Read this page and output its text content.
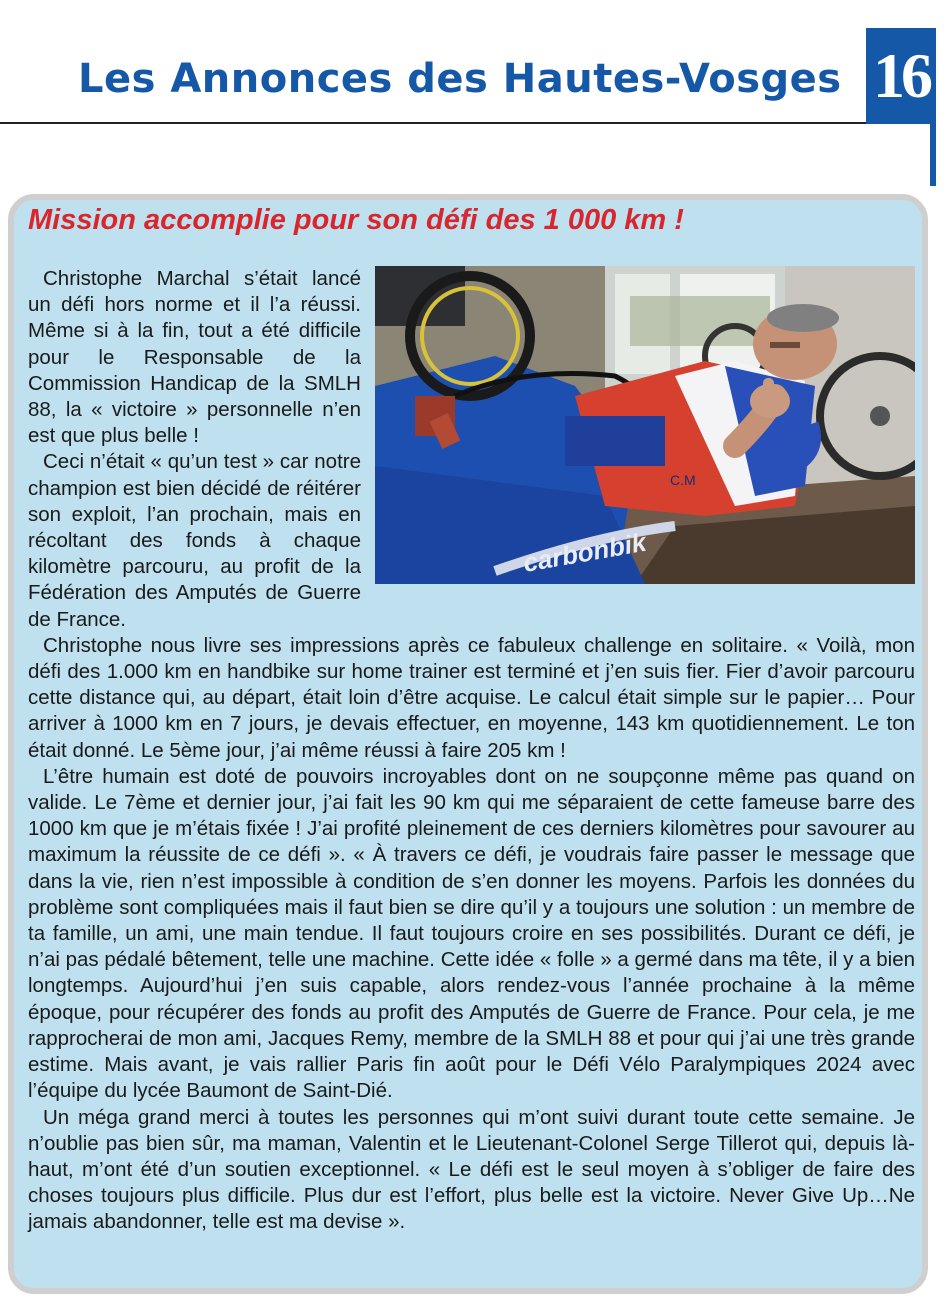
Les Annonces des Hautes-Vosges 16
Mission accomplie pour son défi des 1 000 km !

Christophe Marchal s’était lancé un défi hors norme et il l’a réussi. Même si à la fin, tout a été difficile pour le Responsable de la Commission Handicap de la SMLH 88, la « victoire » personnelle n’en est que plus belle !

Ceci n’était « qu’un test » car notre champion est bien décidé de réitérer son exploit, l’an prochain, mais en récoltant des fonds à chaque kilomètre parcouru, au profit de la Fédération des Amputés de Guerre de France.

Christophe nous livre ses impressions après ce fabuleux challenge en solitaire. « Voilà, mon défi des 1.000 km en handbike sur home trainer est terminé et j’en suis fier. Fier d’avoir parcouru cette distance qui, au départ, était loin d’être acquise. Le calcul était simple sur le papier… Pour arriver à 1000 km en 7 jours, je devais effectuer, en moyenne, 143 km quotidiennement. Le ton était donné. Le 5ème jour, j’ai même réussi à faire 205 km !

L’être humain est doté de pouvoirs incroyables dont on ne soupçonne même pas quand on valide. Le 7ème et dernier jour, j’ai fait les 90 km qui me séparaient de cette fameuse barre des 1000 km que je m’étais fixée ! J’ai profité pleinement de ces derniers kilomètres pour savourer au maximum la réussite de ce défi ». « À travers ce défi, je voudrais faire passer le message que dans la vie, rien n’est impossible à condition de s’en donner les moyens. Parfois les données du problème sont compliquées mais il faut bien se dire qu’il y a toujours une solution : un membre de ta famille, un ami, une main tendue. Il faut toujours croire en ses possibilités. Durant ce défi, je n’ai pas pédalé bêtement, telle une machine. Cette idée « folle » a germé dans ma tête, il y a bien longtemps. Aujourd’hui j’en suis capable, alors rendez-vous l’année prochaine à la même époque, pour récupérer des fonds au profit des Amputés de Guerre de France. Pour cela, je me rapprocherai de mon ami, Jacques Remy, membre de la SMLH 88 et pour qui j’ai une très grande estime. Mais avant, je vais rallier Paris fin août pour le Défi Vélo Paralympiques 2024 avec l’équipe du lycée Baumont de Saint-Dié.

Un méga grand merci à toutes les personnes qui m’ont suivi durant toute cette semaine. Je n’oublie pas bien sûr, ma maman, Valentin et le Lieutenant-Colonel Serge Tillerot qui, depuis là-haut, m’ont été d’un soutien exceptionnel. « Le défi est le seul moyen à s’obliger de faire des choses toujours plus difficile. Plus dur est l’effort, plus belle est la victoire. Never Give Up…Ne jamais abandonner, telle est ma devise ».

carbonbik
C.M
